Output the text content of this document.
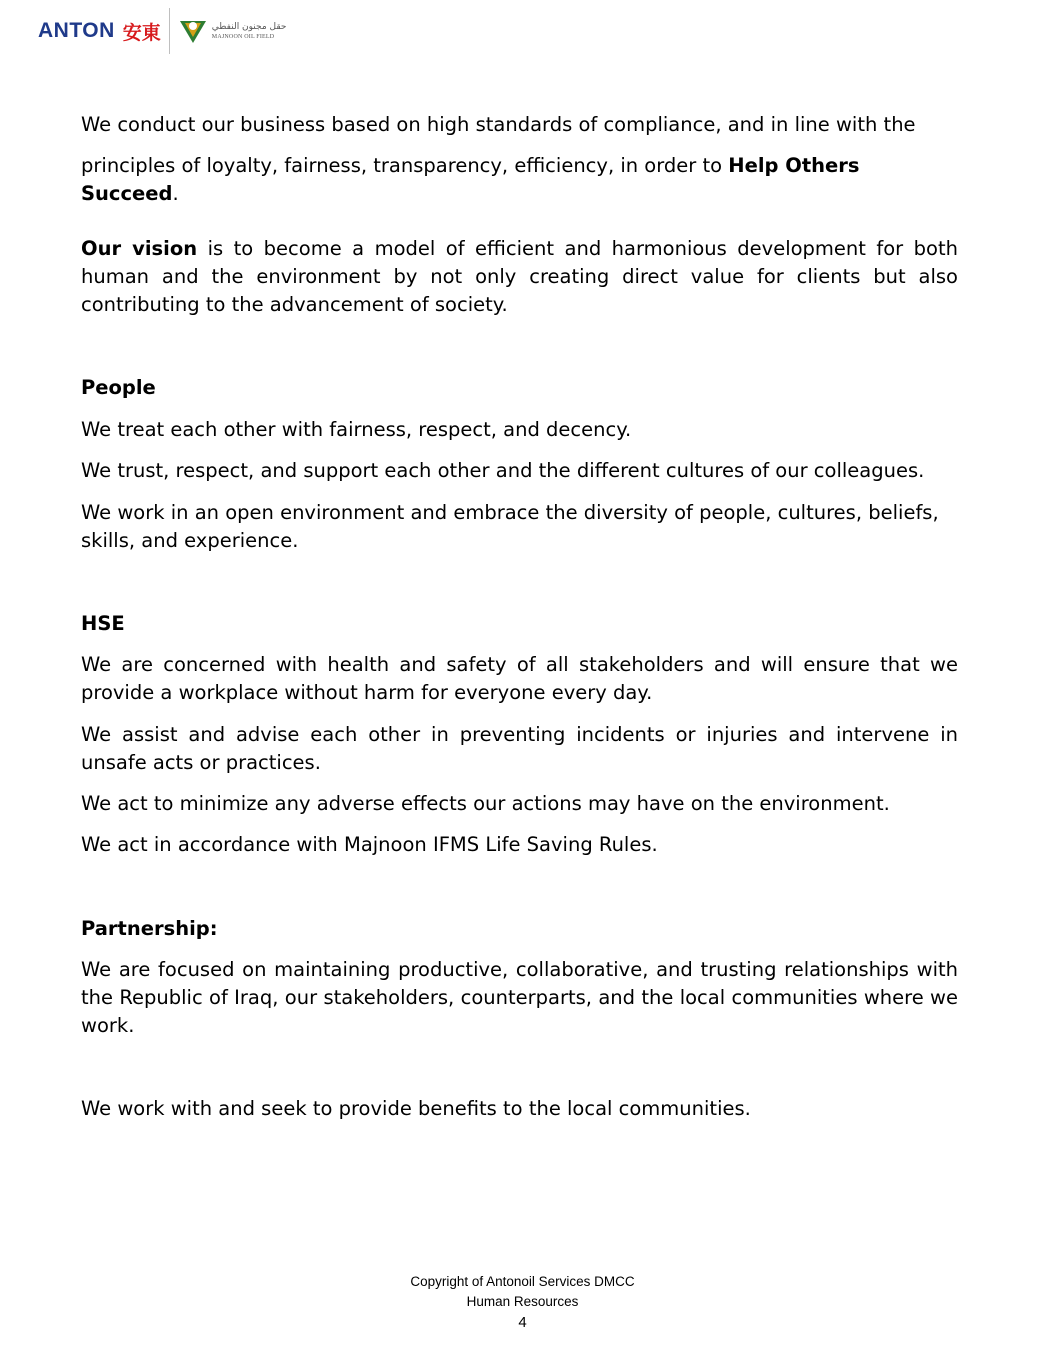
ANTON 安東	حقل مجنون النفطي
MAJNOON OIL FIELD

We conduct our business based on high standards of compliance, and in line with the

principles of loyalty, fairness, transparency, efficiency, in order to Help Others Succeed.

Our vision is to become a model of efficient and harmonious development for both human and the environment by not only creating direct value for clients but also contributing to the advancement of society.

People

We treat each other with fairness, respect, and decency.

We trust, respect, and support each other and the different cultures of our colleagues.

We work in an open environment and embrace the diversity of people, cultures, beliefs, skills, and experience.

HSE

We are concerned with health and safety of all stakeholders and will ensure that we provide a workplace without harm for everyone every day.

We assist and advise each other in preventing incidents or injuries and intervene in unsafe acts or practices.

We act to minimize any adverse effects our actions may have on the environment.

We act in accordance with Majnoon IFMS Life Saving Rules.

Partnership:

We are focused on maintaining productive, collaborative, and trusting relationships with the Republic of Iraq, our stakeholders, counterparts, and the local communities where we work.

We work with and seek to provide benefits to the local communities.

Copyright of Antonoil Services DMCC
Human Resources
4
